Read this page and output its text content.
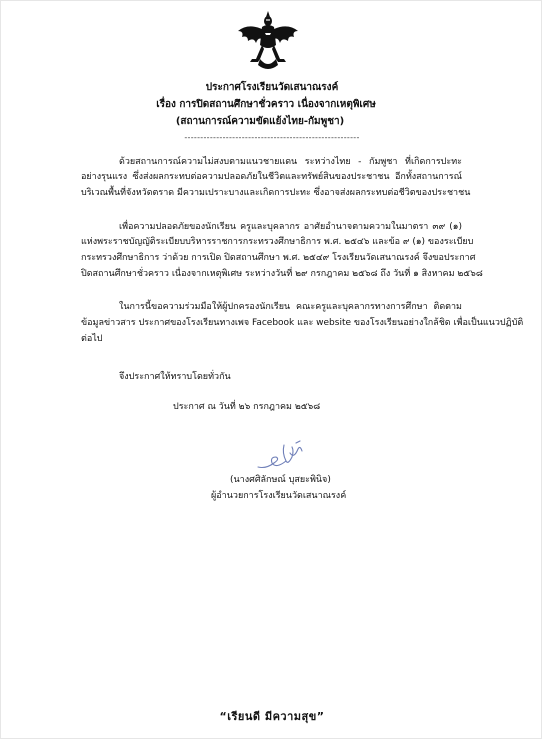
ประกาศโรงเรียนวัดเสนาณรงค์
เรื่อง การปิดสถานศึกษาชั่วคราว เนื่องจากเหตุพิเศษ
(สถานการณ์ความขัดแย้งไทย-กัมพูชา)
-------------------------------------------------------
ด้วยสถานการณ์ความไม่สงบตามแนวชายแดน ระหว่างไทย - กัมพูชา ที่เกิดการปะทะ
อย่างรุนแรง ซึ่งส่งผลกระทบต่อความปลอดภัยในชีวิตและทรัพย์สินของประชาชน อีกทั้งสถานการณ์
บริเวณพื้นที่จังหวัดตราด มีความเปราะบางและเกิดการปะทะ ซึ่งอาจส่งผลกระทบต่อชีวิตของประชาชน
เพื่อความปลอดภัยของนักเรียน ครูและบุคลากร อาศัยอำนาจตามความในมาตรา ๓๙ (๑)
แห่งพระราชบัญญัติระเบียบบริหารราชการกระทรวงศึกษาธิการ พ.ศ. ๒๕๔๖ และข้อ ๙ (๑) ของระเบียบ
กระทรวงศึกษาธิการ ว่าด้วย การเปิด ปิดสถานศึกษา พ.ศ. ๒๕๔๙ โรงเรียนวัดเสนาณรงค์ จึงขอประกาศ
ปิดสถานศึกษาชั่วคราว เนื่องจากเหตุพิเศษ ระหว่างวันที่ ๒๙ กรกฎาคม ๒๕๖๘ ถึง วันที่ ๑ สิงหาคม ๒๕๖๘
ในการนี้ขอความร่วมมือให้ผู้ปกครองนักเรียน คณะครูและบุคลากรทางการศึกษา ติดตาม
ข้อมูลข่าวสาร ประกาศของโรงเรียนทางเพจ Facebook และ website ของโรงเรียนอย่างใกล้ชิด เพื่อเป็นแนวปฏิบัติ
ต่อไป
จึงประกาศให้ทราบโดยทั่วกัน
ประกาศ ณ วันที่ ๒๖ กรกฎาคม ๒๕๖๘
(นางศศิลักษณ์ บุสยะพินิจ)
ผู้อำนวยการโรงเรียนวัดเสนาณรงค์
“เรียนดี มีความสุข”
